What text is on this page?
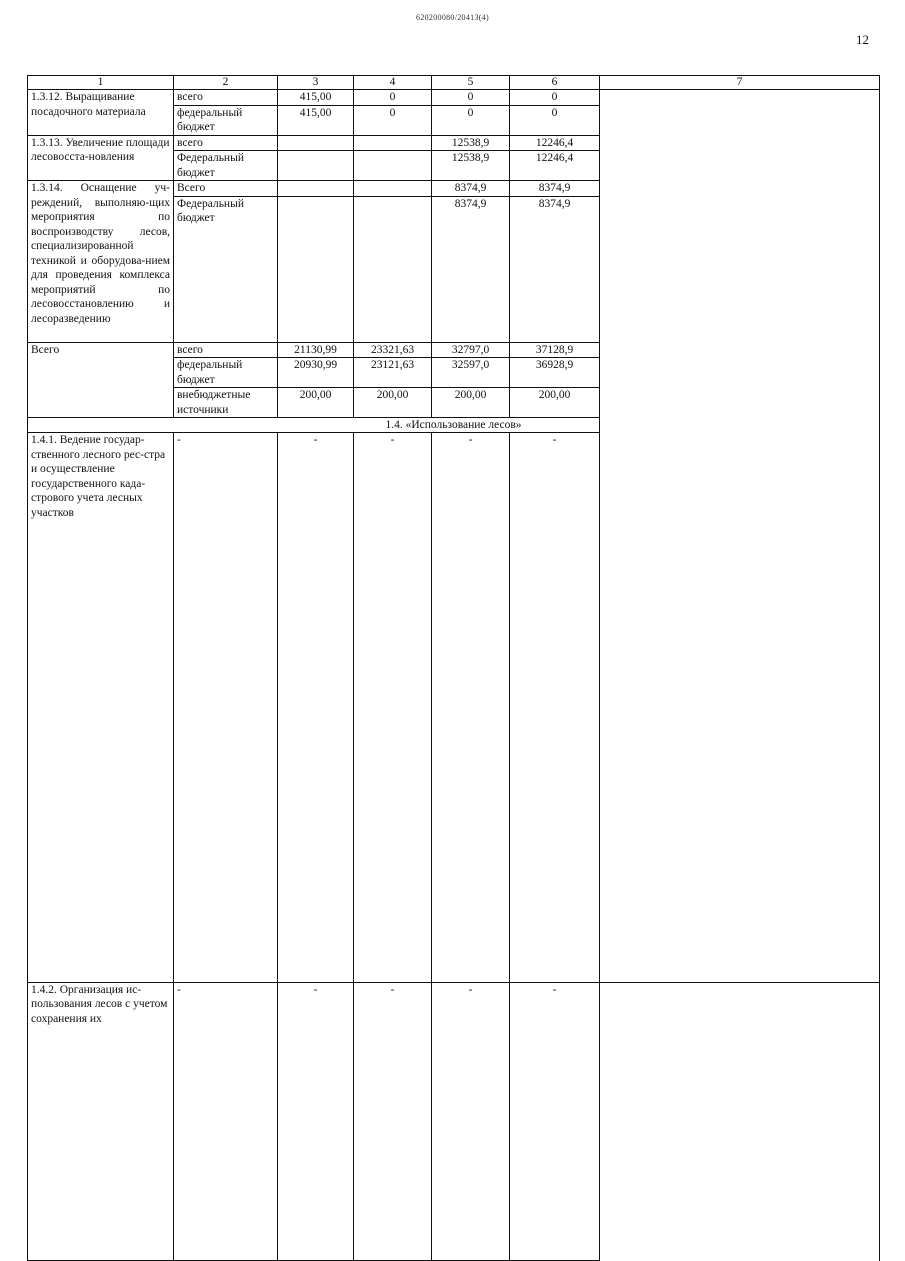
620200080/20413(4)
12
1	2	3	4	5	6	7	
1.3.12. Выращивание посадочного материала	всего	415,00	0	0	0		
	федеральный бюджет	415,00	0	0	0		
1.3.13. Увеличение площади лесовосста-новления	всего			12538,9	12246,4		
	Федеральный бюджет			12538,9	12246,4		
1.3.14. Оснащение уч-реждений, выполняю-щих мероприятия по воспроизводству лесов, специализированной техникой и оборудова-нием для проведения комплекса мероприятий по лесовосстановлению и лесоразведению	Всего			8374,9	8374,9		
	Федеральный бюджет			8374,9	8374,9		
Всего	всего	21130,99	23321,63	32797,0	37128,9		
	федеральный бюджет	20930,99	23121,63	32597,0	36928,9		
	внебюджетные источники	200,00	200,00	200,00	200,00		
1.4. «Использование лесов»							
1.4.1. Ведение государ-ственного лесного рес-стра и осуществление государственного када-стрового учета лесных участков	-	-	-	-	-	
1.4.2. Организация ис-пользования лесов с учетом сохранения их	-	-	-	-	-		
